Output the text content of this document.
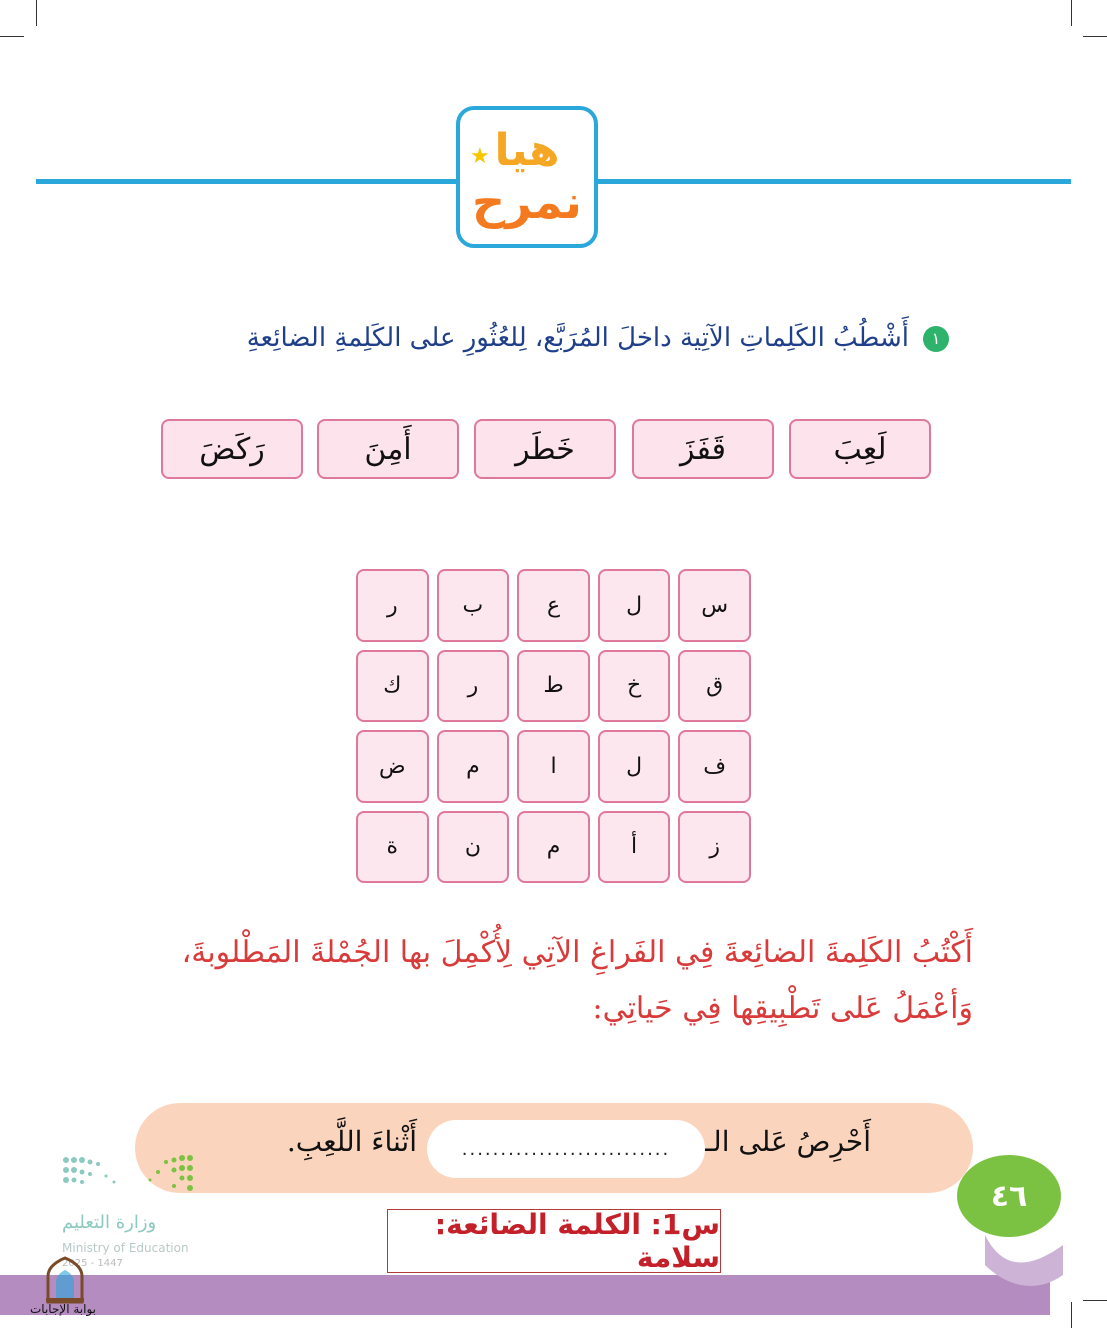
★ هيا
نمرح
١أَشْطُبُ الكَلِماتِ الآتِية داخلَ المُرَبَّع، لِلعُثُورِ على الكَلِمةِ الضائِعةِ
لَعِبَ
قَفَزَ
خَطَر
أَمِنَ
رَكَضَ
س
ل
ع
ب
ر
ق
خ
ط
ر
ك
ف
ل
ا
م
ض
ز
أ
م
ن
ة
أَكْتُبُ الكَلِمةَ الضائِعةَ فِي الفَراغِ الآتِي لِأُكْمِلَ بها الجُمْلةَ المَطْلوبةَ، وَأعْمَلُ عَلى تَطْبِيقِها فِي حَياتِي:
أَحْرِصُ عَلى الـ
...........................
أَثْناءَ اللَّعِبِ.
٤٦
س1: الكلمة الضائعة: سلامة
وزارة التعليم
Ministry of Education
2025 - 1447
بوابة الإجابات
